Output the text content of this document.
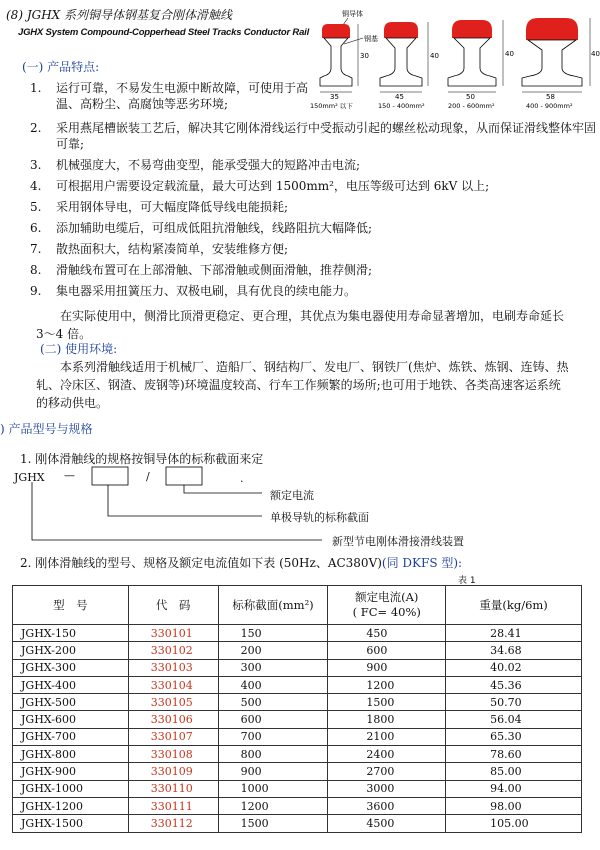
(8) JGHX 系列铜导体钢基复合刚体滑触线
JGHX System Compound-Copperhead Steel Tracks Conductor Rail
铜导体
钢基
30
35
150mm² 以下
40
45
150 - 400mm²
40
50
200 - 600mm²
40
58
400 - 900mm²
(一) 产品特点:
1. 运行可靠，不易发生电源中断故障，可使用于高温、高粉尘、高腐蚀等恶劣环境;
2. 采用燕尾槽嵌装工艺后，解决其它刚体滑线运行中受振动引起的螺丝松动现象，从而保证滑线整体牢固可靠;
3. 机械强度大，不易弯曲变型，能承受强大的短路冲击电流;
4. 可根据用户需要设定载流量，最大可达到 1500mm²，电压等级可达到 6kV 以上;
5. 采用钢体导电，可大幅度降低导线电能损耗;
6. 添加辅助电缆后，可组成低阻抗滑触线，线路阻抗大幅降低;
7. 散热面积大，结构紧凑简单，安装维修方便;
8. 滑触线布置可在上部滑触、下部滑触或侧面滑触，推荐侧滑;
9. 集电器采用扭簧压力、双极电刷，具有优良的续电能力。
在实际使用中，侧滑比顶滑更稳定、更合理，其优点为集电器使用寿命显著增加，电刷寿命延长 3～4 倍。
(二) 使用环境:
本系列滑触线适用于机械厂、造船厂、钢结构厂、发电厂、钢铁厂(焦炉、炼铁、炼钢、连铸、热轧、冷床区、钢渣、废钢等)环境温度较高、行车工作频繁的场所;也可用于地铁、各类高速客运系统的移动供电。
) 产品型号与规格
1. 刚体滑触线的规格按铜导体的标称截面来定
JGHX —	/	.
额定电流
单极导轨的标称截面
新型节电刚体滑接滑线装置
2. 刚体滑触线的型号、规格及额定电流值如下表 (50Hz、AC380V)(同 DKFS 型):
表 1
型　号	代　码	标称截面(mm²)	额定电流(A)
( FC= 40%)	重量(kg/6m)
JGHX-150	330101	150	450	28.41
JGHX-200	330102	200	600	34.68
JGHX-300	330103	300	900	40.02
JGHX-400	330104	400	1200	45.36
JGHX-500	330105	500	1500	50.70
JGHX-600	330106	600	1800	56.04
JGHX-700	330107	700	2100	65.30
JGHX-800	330108	800	2400	78.60
JGHX-900	330109	900	2700	85.00
JGHX-1000	330110	1000	3000	94.00
JGHX-1200	330111	1200	3600	98.00
JGHX-1500	330112	1500	4500	105.00
